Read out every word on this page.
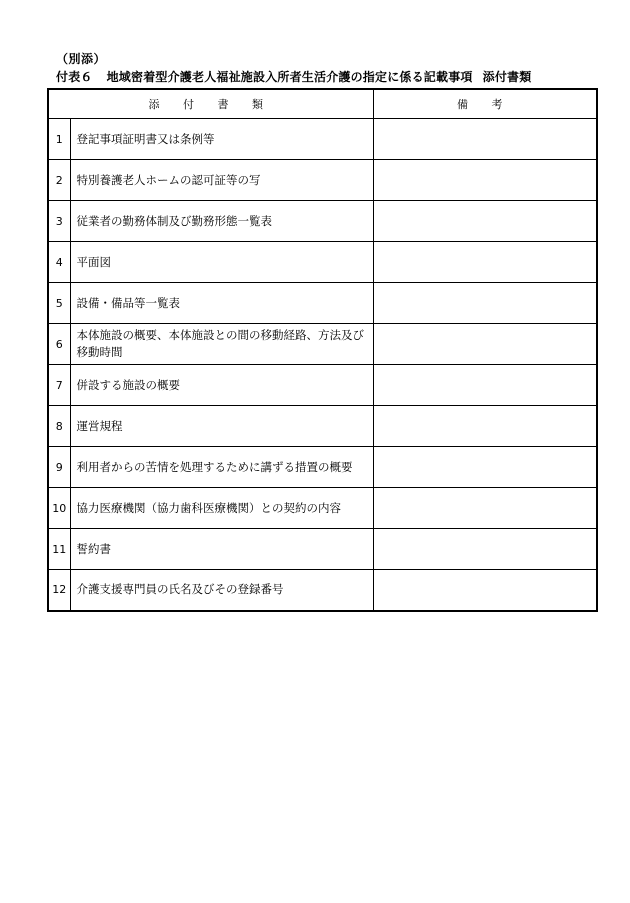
（別添）
付表６ 地域密着型介護老人福祉施設入所者生活介護の指定に係る記載事項 添付書類
添 付 書 類		備 考
1	登記事項証明書又は条例等	
2	特別養護老人ホームの認可証等の写	
3	従業者の勤務体制及び勤務形態一覧表	
4	平面図	
5	設備・備品等一覧表	
6	本体施設の概要、本体施設との間の移動経路、方法及び移動時間	
7	併設する施設の概要	
8	運営規程	
9	利用者からの苦情を処理するために講ずる措置の概要	
10	協力医療機関（協力歯科医療機関）との契約の内容	
11	誓約書	
12	介護支援専門員の氏名及びその登録番号	
